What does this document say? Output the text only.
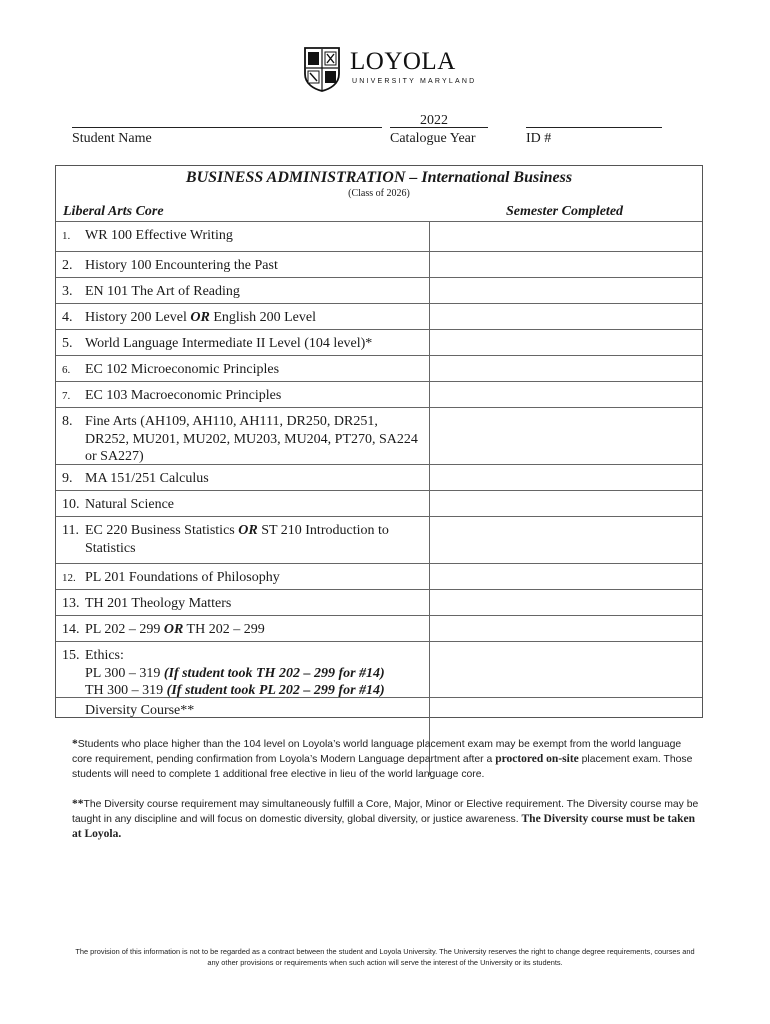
LOYOLA
UNIVERSITY MARYLAND
Student Name
2022
Catalogue Year	ID #
BUSINESS ADMINISTRATION – International Business
(Class of 2026)
Liberal Arts Core	Semester Completed
1. WR 100 Effective Writing
2. History 100 Encountering the Past
3. EN 101 The Art of Reading
4. History 200 Level OR English 200 Level
5. World Language Intermediate II Level (104 level)*
6. EC 102 Microeconomic Principles
7. EC 103 Macroeconomic Principles
8. Fine Arts (AH109, AH110, AH111, DR250, DR251, DR252, MU201, MU202, MU203, MU204, PT270, SA224 or SA227)
9. MA 151/251 Calculus
10. Natural Science
11. EC 220 Business Statistics OR ST 210 Introduction to Statistics
12. PL 201 Foundations of Philosophy
13. TH 201 Theology Matters
14. PL 202 – 299 OR TH 202 – 299
15. Ethics:
PL 300 – 319 (If student took TH 202 – 299 for #14)
TH 300 – 319 (If student took PL 202 – 299 for #14)
Diversity Course**
*Students who place higher than the 104 level on Loyola’s world language placement exam may be exempt from the world language core requirement, pending confirmation from Loyola’s Modern Language department after a proctored on-site placement exam. Those students will need to complete 1 additional free elective in lieu of the world language core.
**The Diversity course requirement may simultaneously fulfill a Core, Major, Minor or Elective requirement. The Diversity course may be taught in any discipline and will focus on domestic diversity, global diversity, or justice awareness. The Diversity course must be taken at Loyola.
The provision of this information is not to be regarded as a contract between the student and Loyola University. The University reserves the right to change degree requirements, courses and any other provisions or requirements when such action will serve the interest of the University or its students.
